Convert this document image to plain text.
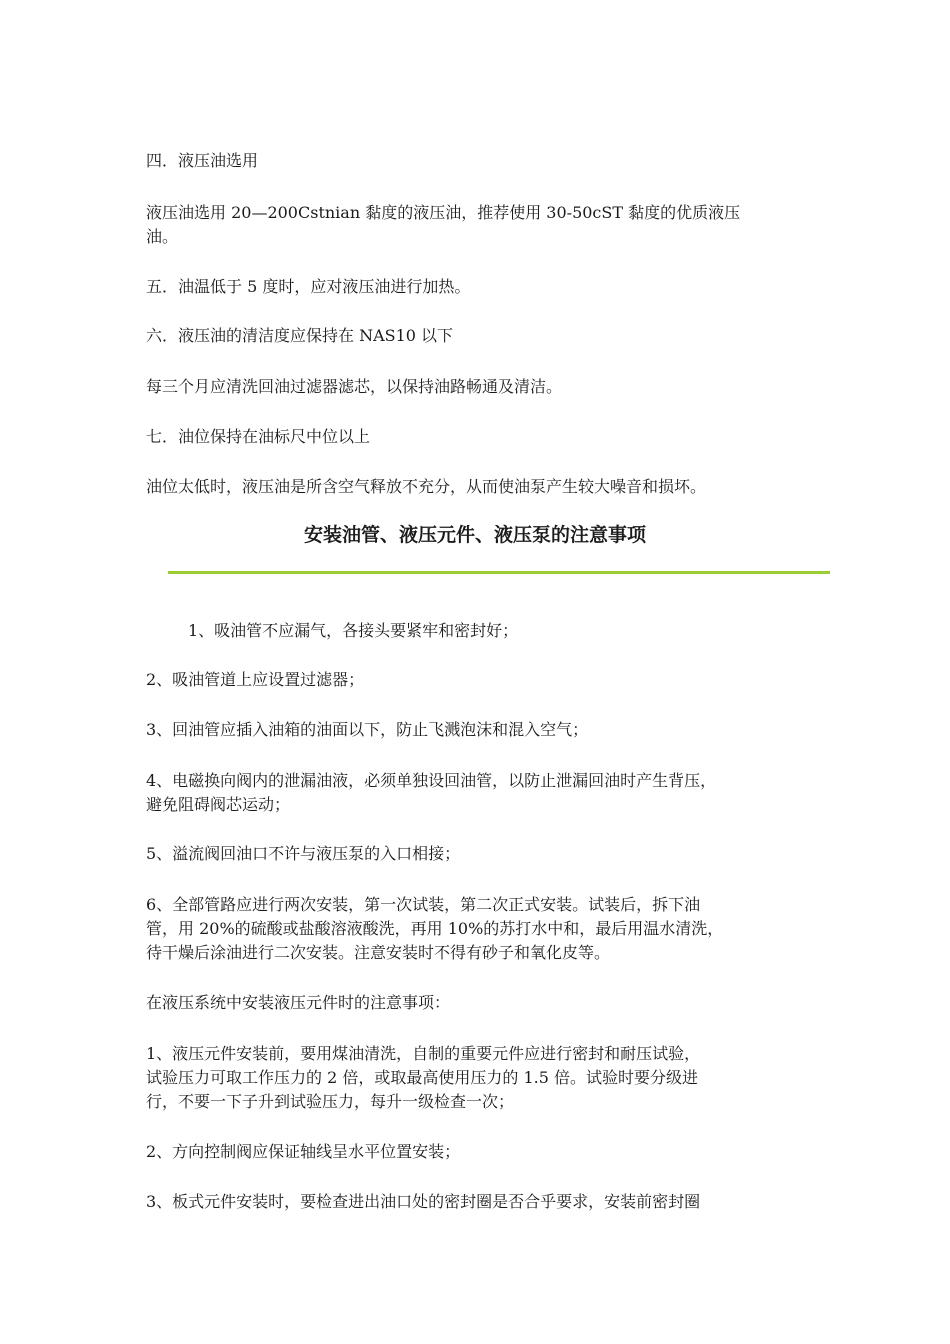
四．液压油选用
液压油选用 20—200Cstnian 黏度的液压油，推荐使用 30-50cST 黏度的优质液压
油。
五．油温低于 5 度时，应对液压油进行加热。
六．液压油的清洁度应保持在 NAS10 以下
每三个月应清洗回油过滤器滤芯，以保持油路畅通及清洁。
七．油位保持在油标尺中位以上
油位太低时，液压油是所含空气释放不充分，从而使油泵产生较大噪音和损坏。
安装油管、液压元件、液压泵的注意事项
1、吸油管不应漏气，各接头要紧牢和密封好；
2、吸油管道上应设置过滤器；
3、回油管应插入油箱的油面以下，防止飞溅泡沫和混入空气；
4、电磁换向阀内的泄漏油液，必须单独设回油管，以防止泄漏回油时产生背压，
避免阻碍阀芯运动；
5、溢流阀回油口不许与液压泵的入口相接；
6、全部管路应进行两次安装，第一次试装，第二次正式安装。试装后，拆下油
管，用 20%的硫酸或盐酸溶液酸洗，再用 10%的苏打水中和，最后用温水清洗，
待干燥后涂油进行二次安装。注意安装时不得有砂子和氧化皮等。
在液压系统中安装液压元件时的注意事项：
1、液压元件安装前，要用煤油清洗，自制的重要元件应进行密封和耐压试验，
试验压力可取工作压力的 2 倍，或取最高使用压力的 1.5 倍。试验时要分级进
行，不要一下子升到试验压力，每升一级检查一次；
2、方向控制阀应保证轴线呈水平位置安装；
3、板式元件安装时，要检查进出油口处的密封圈是否合乎要求，安装前密封圈
